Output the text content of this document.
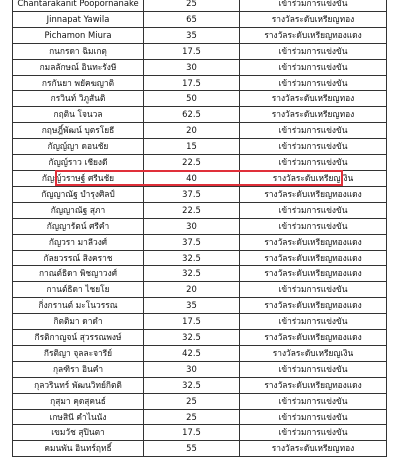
Chantarakanit Poopornanake	25	เข้าร่วมการแข่งขัน
Jinnapat Yawila	65	รางวัลระดับเหรียญทอง
Pichamon Miura	35	รางวัลระดับเหรียญทองแดง
กนกรดา ฉิมเกตุ	17.5	เข้าร่วมการแข่งขัน
กมลลักษณ์ อินทะรังษี	30	เข้าร่วมการแข่งขัน
กรกันยา พยัคฆญาติ	17.5	เข้าร่วมการแข่งขัน
กรวินท์ วิภูสันติ	50	รางวัลระดับเหรียญทอง
กฤติน โจนวล	62.5	รางวัลระดับเหรียญทอง
กฤษฎิ์พัฒน์ บุตรโยธี	20	เข้าร่วมการแข่งขัน
กัญญ์ญา ดอนชัย	15	เข้าร่วมการแข่งขัน
กัญญ์ราว เชียงดี	22.5	เข้าร่วมการแข่งขัน
กัญญ์วราษฐ์ ศรีนชัย	40	รางวัลระดับเหรียญเงิน
กัญญาณัฐ บำรุงศิลป์	37.5	รางวัลระดับเหรียญทองแดง
กัญญาณัฐ สุภา	22.5	เข้าร่วมการแข่งขัน
กัญญารัตน์ ศรีคำ	30	เข้าร่วมการแข่งขัน
กัญวรา มาลีวงศ์	37.5	รางวัลระดับเหรียญทองแดง
กัลยวรรณ์ สิงคราช	32.5	รางวัลระดับเหรียญทองแดง
กาณต์ธิดา พิชญาวงศ์	32.5	รางวัลระดับเหรียญทองแดง
กานต์ธิดา ไชยโย	20	เข้าร่วมการแข่งขัน
กิ่งกรานต์ มะโนวรรณ	35	รางวัลระดับเหรียญทองแดง
กิตติมา ดาดำ	17.5	เข้าร่วมการแข่งขัน
กีรติกาญจน์ สุวรรณพงษ์	32.5	รางวัลระดับเหรียญทองแดง
กีรติญา จุลละจารีย์	42.5	รางวัลระดับเหรียญเงิน
กุลฑิรา อินคำ	30	เข้าร่วมการแข่งขัน
กุลวรินทร์ พัฒนวิทย์กิตติ	32.5	รางวัลระดับเหรียญทองแดง
กุสุมา คุดสุคนธ์	25	เข้าร่วมการแข่งขัน
เกษสินี คำไนนัง	25	เข้าร่วมการแข่งขัน
เขมวัช สุปินตา	17.5	เข้าร่วมการแข่งขัน
คมนพัน อินทร์ฤทธิ์	55	รางวัลระดับเหรียญทอง
